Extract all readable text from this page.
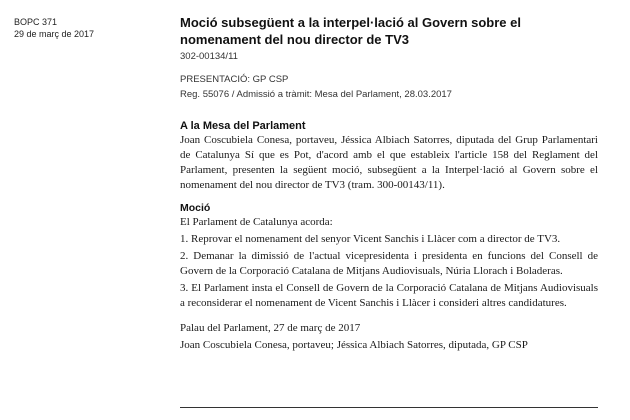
BOPC 371
29 de març de 2017
Moció subsegüent a la interpel·lació al Govern sobre el nomenament del nou director de TV3
302-00134/11
PRESENTACIÓ: GP CSP
Reg. 55076 / Admissió a tràmit: Mesa del Parlament, 28.03.2017
A la Mesa del Parlament

Joan Coscubiela Conesa, portaveu, Jéssica Albiach Satorres, diputada del Grup Parlamentari de Catalunya Sí que es Pot, d'acord amb el que estableix l'article 158 del Reglament del Parlament, presenten la següent moció, subsegüent a la Interpel·lació al Govern sobre el nomenament del nou director de TV3 (tram. 300-00143/11).

Moció

El Parlament de Catalunya acorda:

1. Reprovar el nomenament del senyor Vicent Sanchis i Llàcer com a director de TV3.

2. Demanar la dimissió de l'actual vicepresidenta i presidenta en funcions del Consell de Govern de la Corporació Catalana de Mitjans Audiovisuals, Núria Llorach i Boladeras.

3. El Parlament insta el Consell de Govern de la Corporació Catalana de Mitjans Audiovisuals a reconsiderar el nomenament de Vicent Sanchis i Llàcer i consideri altres candidatures.

Palau del Parlament, 27 de març de 2017

Joan Coscubiela Conesa, portaveu; Jéssica Albiach Satorres, diputada, GP CSP
